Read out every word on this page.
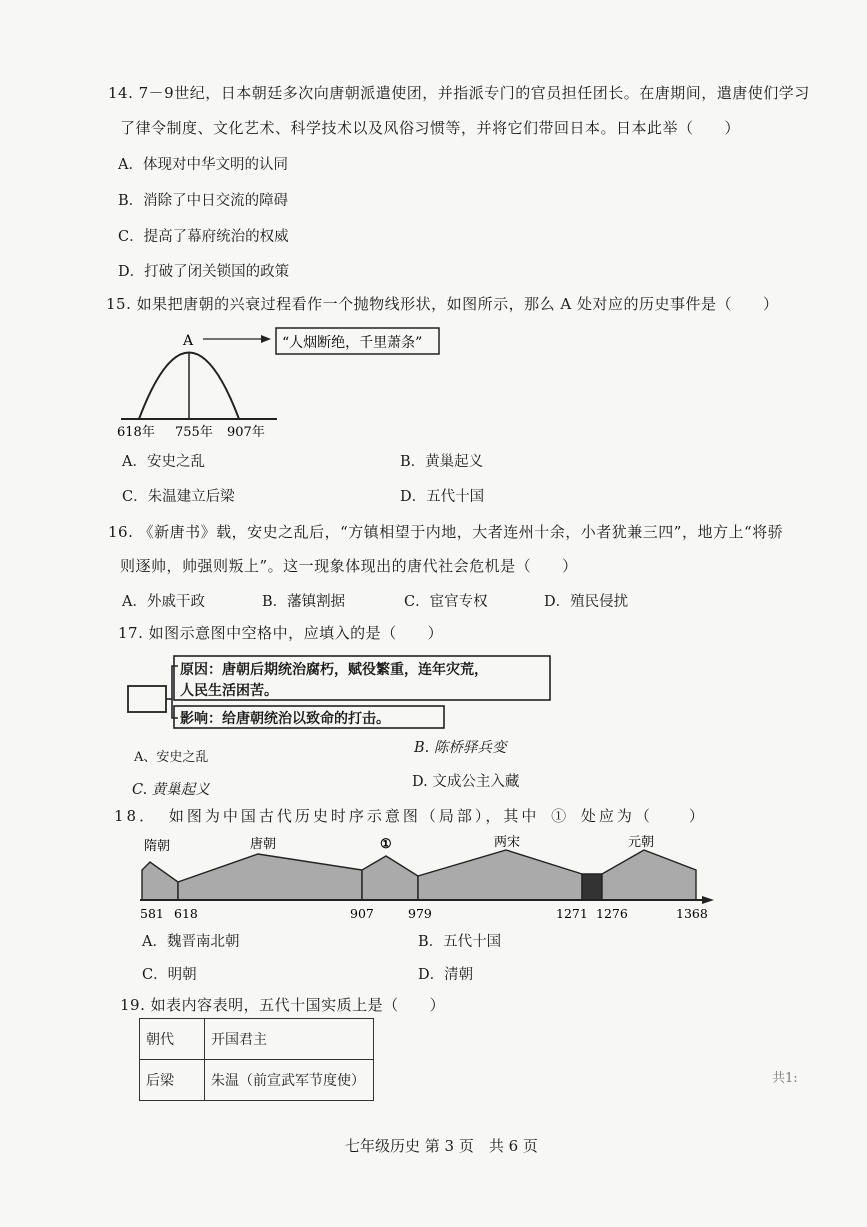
14. 7－9世纪，日本朝廷多次向唐朝派遣使团，并指派专门的官员担任团长。在唐期间，遣唐使们学习
了律令制度、文化艺术、科学技术以及风俗习惯等，并将它们带回日本。日本此举（　　）
A．体现对中华文明的认同
B．消除了中日交流的障碍
C．提高了幕府统治的权威
D．打破了闭关锁国的政策
15. 如果把唐朝的兴衰过程看作一个抛物线形状，如图所示，那么 A 处对应的历史事件是（　　）
A	“人烟断绝，千里萧条”
618年 755年 907年
A．安史之乱	B．黄巢起义
C．朱温建立后梁	D．五代十国
16. 《新唐书》载，安史之乱后，“方镇相望于内地，大者连州十余，小者犹兼三四”，地方上“将骄
则逐帅，帅强则叛上”。这一现象体现出的唐代社会危机是（　　）
A．外戚干政	B．藩镇割据	C．宦官专权	D．殖民侵扰
17. 如图示意图中空格中，应填入的是（　　）
原因：唐朝后期统治腐朽，赋役繁重，连年灾荒，
人民生活困苦。
影响：给唐朝统治以致命的打击。
A、安史之乱
B. 陈桥驿兵变
C. 黄巢起义	D. 文成公主入藏
18． 如图为中国古代历史时序示意图（局部），其中 ① 处应为（　　）
隋朝	唐朝	①	两宋	元朝
581 618	907	979	1271 1276	1368
A．魏晋南北朝	B．五代十国
C．明朝	D．清朝
19. 如表内容表明，五代十国实质上是（　　）
朝代	开国君主
后梁	朱温（前宣武军节度使）	共1:
七年级历史 第 3 页　共 6 页
